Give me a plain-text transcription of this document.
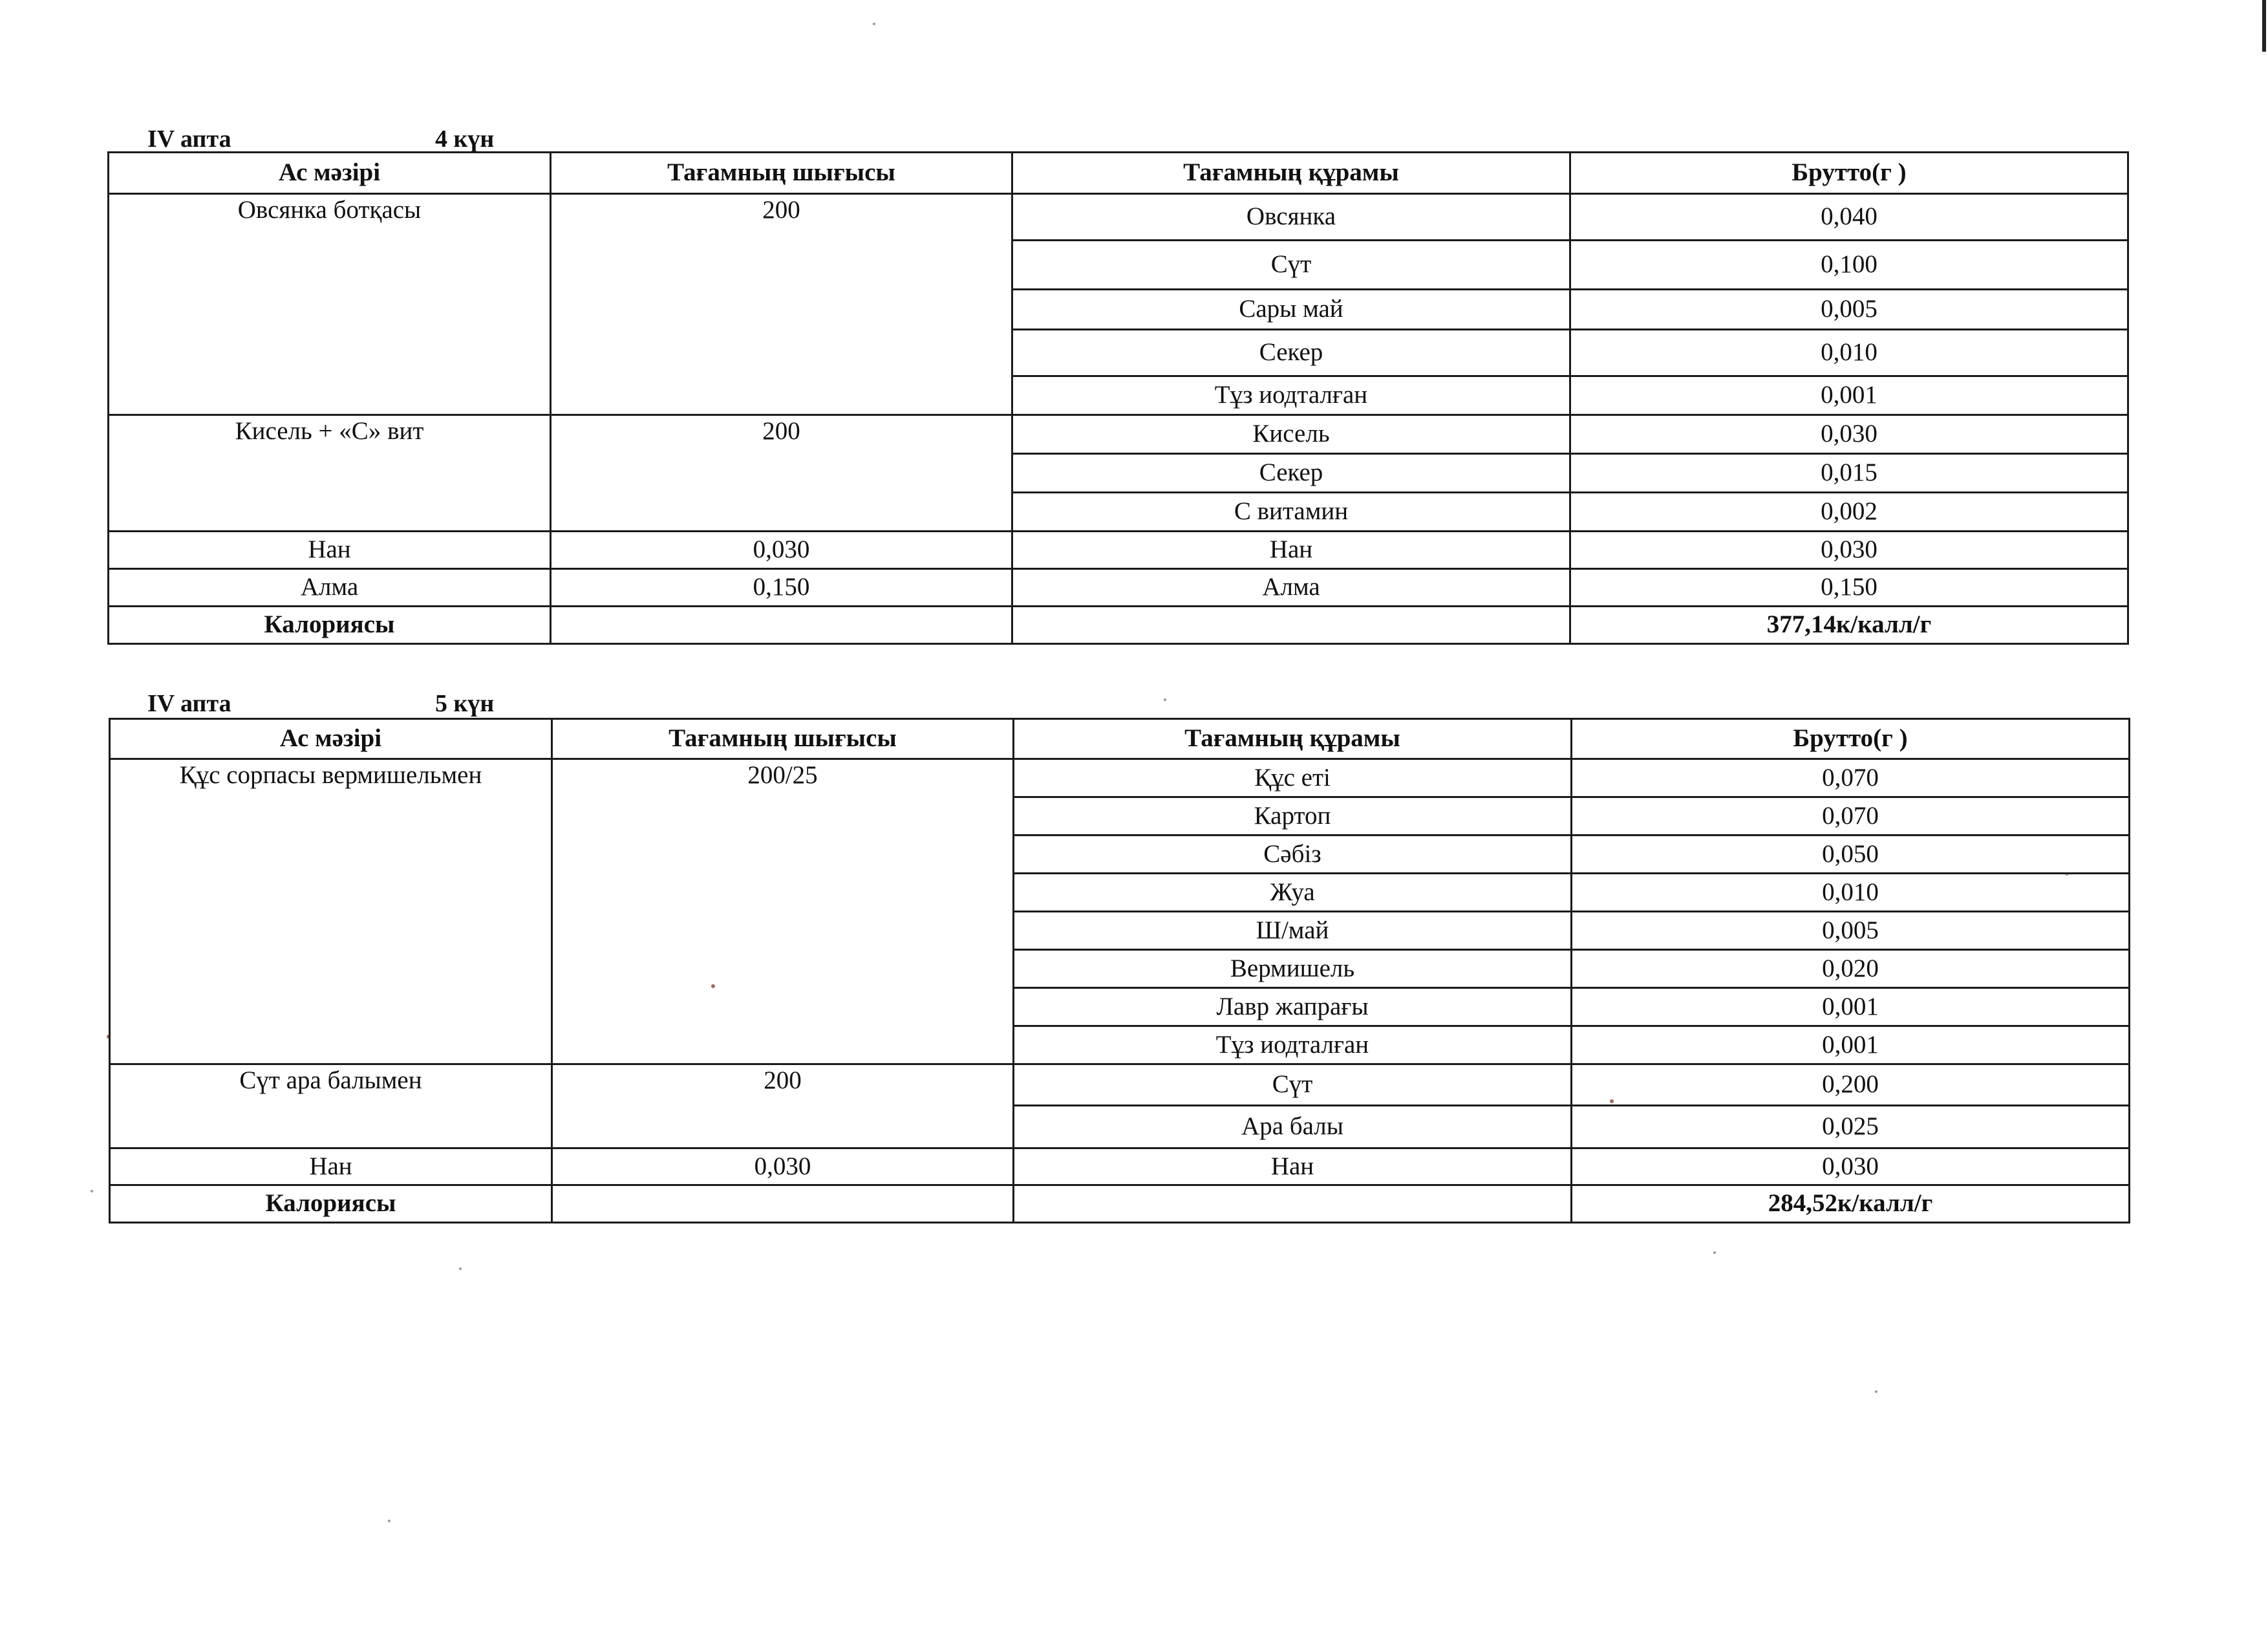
IV апта	4 күн
Ас мәзірі	Тағамның шығысы	Тағамның құрамы	Брутто(г )
Овсянка ботқасы	200	Овсянка	0,040
		Сүт	0,100
		Сары май	0,005
		Секер	0,010
		Тұз иодталған	0,001
Кисель + «С» вит	200	Кисель	0,030
		Секер	0,015
		С витамин	0,002
Нан	0,030	Нан	0,030
Алма	0,150	Алма	0,150
Калориясы			377,14к/калл/г
IV апта	5 күн
Ас мәзірі	Тағамның шығысы	Тағамның құрамы	Брутто(г )
Құс сорпасы вермишельмен	200/25	Құс еті	0,070
		Картоп	0,070
		Сәбіз	0,050
		Жуа	0,010
		Ш/май	0,005
		Вермишель	0,020
		Лавр жапрағы	0,001
		Тұз иодталған	0,001
Сүт ара балымен	200	Сүт	0,200
		Ара балы	0,025
Нан	0,030	Нан	0,030
Калориясы			284,52к/калл/г
